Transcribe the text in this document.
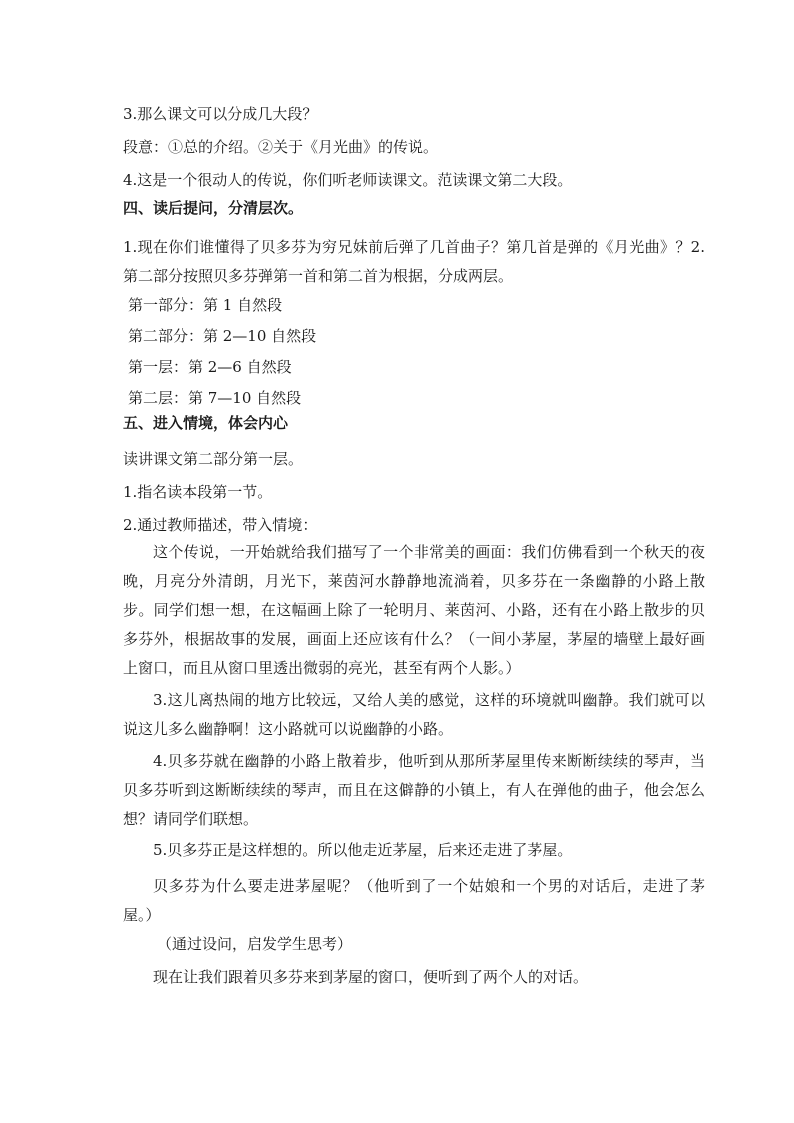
3.那么课文可以分成几大段？

段意：①总的介绍。②关于《月光曲》的传说。

4.这是一个很动人的传说，你们听老师读课文。范读课文第二大段。

四、读后提问，分清层次。

1.现在你们谁懂得了贝多芬为穷兄妹前后弹了几首曲子？第几首是弹的《月光曲》？2.第二部分按照贝多芬弹第一首和第二首为根据，分成两层。

第一部分：第 1 自然段

第二部分：第 2—10 自然段

第一层：第 2—6 自然段

第二层：第 7—10 自然段

五、进入情境，体会内心

读讲课文第二部分第一层。

1.指名读本段第一节。

2.通过教师描述，带入情境：

这个传说，一开始就给我们描写了一个非常美的画面：我们仿佛看到一个秋天的夜晚，月亮分外清朗，月光下，莱茵河水静静地流淌着，贝多芬在一条幽静的小路上散步。同学们想一想，在这幅画上除了一轮明月、莱茵河、小路，还有在小路上散步的贝多芬外，根据故事的发展，画面上还应该有什么？（一间小茅屋，茅屋的墙壁上最好画上窗口，而且从窗口里透出微弱的亮光，甚至有两个人影。）

3.这儿离热闹的地方比较远，又给人美的感觉，这样的环境就叫幽静。我们就可以说这儿多么幽静啊！这小路就可以说幽静的小路。

4.贝多芬就在幽静的小路上散着步，他听到从那所茅屋里传来断断续续的琴声，当贝多芬听到这断断续续的琴声，而且在这僻静的小镇上，有人在弹他的曲子，他会怎么想？请同学们联想。

5.贝多芬正是这样想的。所以他走近茅屋，后来还走进了茅屋。

贝多芬为什么要走进茅屋呢？（他听到了一个姑娘和一个男的对话后，走进了茅屋。）

（通过设问，启发学生思考）

现在让我们跟着贝多芬来到茅屋的窗口，便听到了两个人的对话。
